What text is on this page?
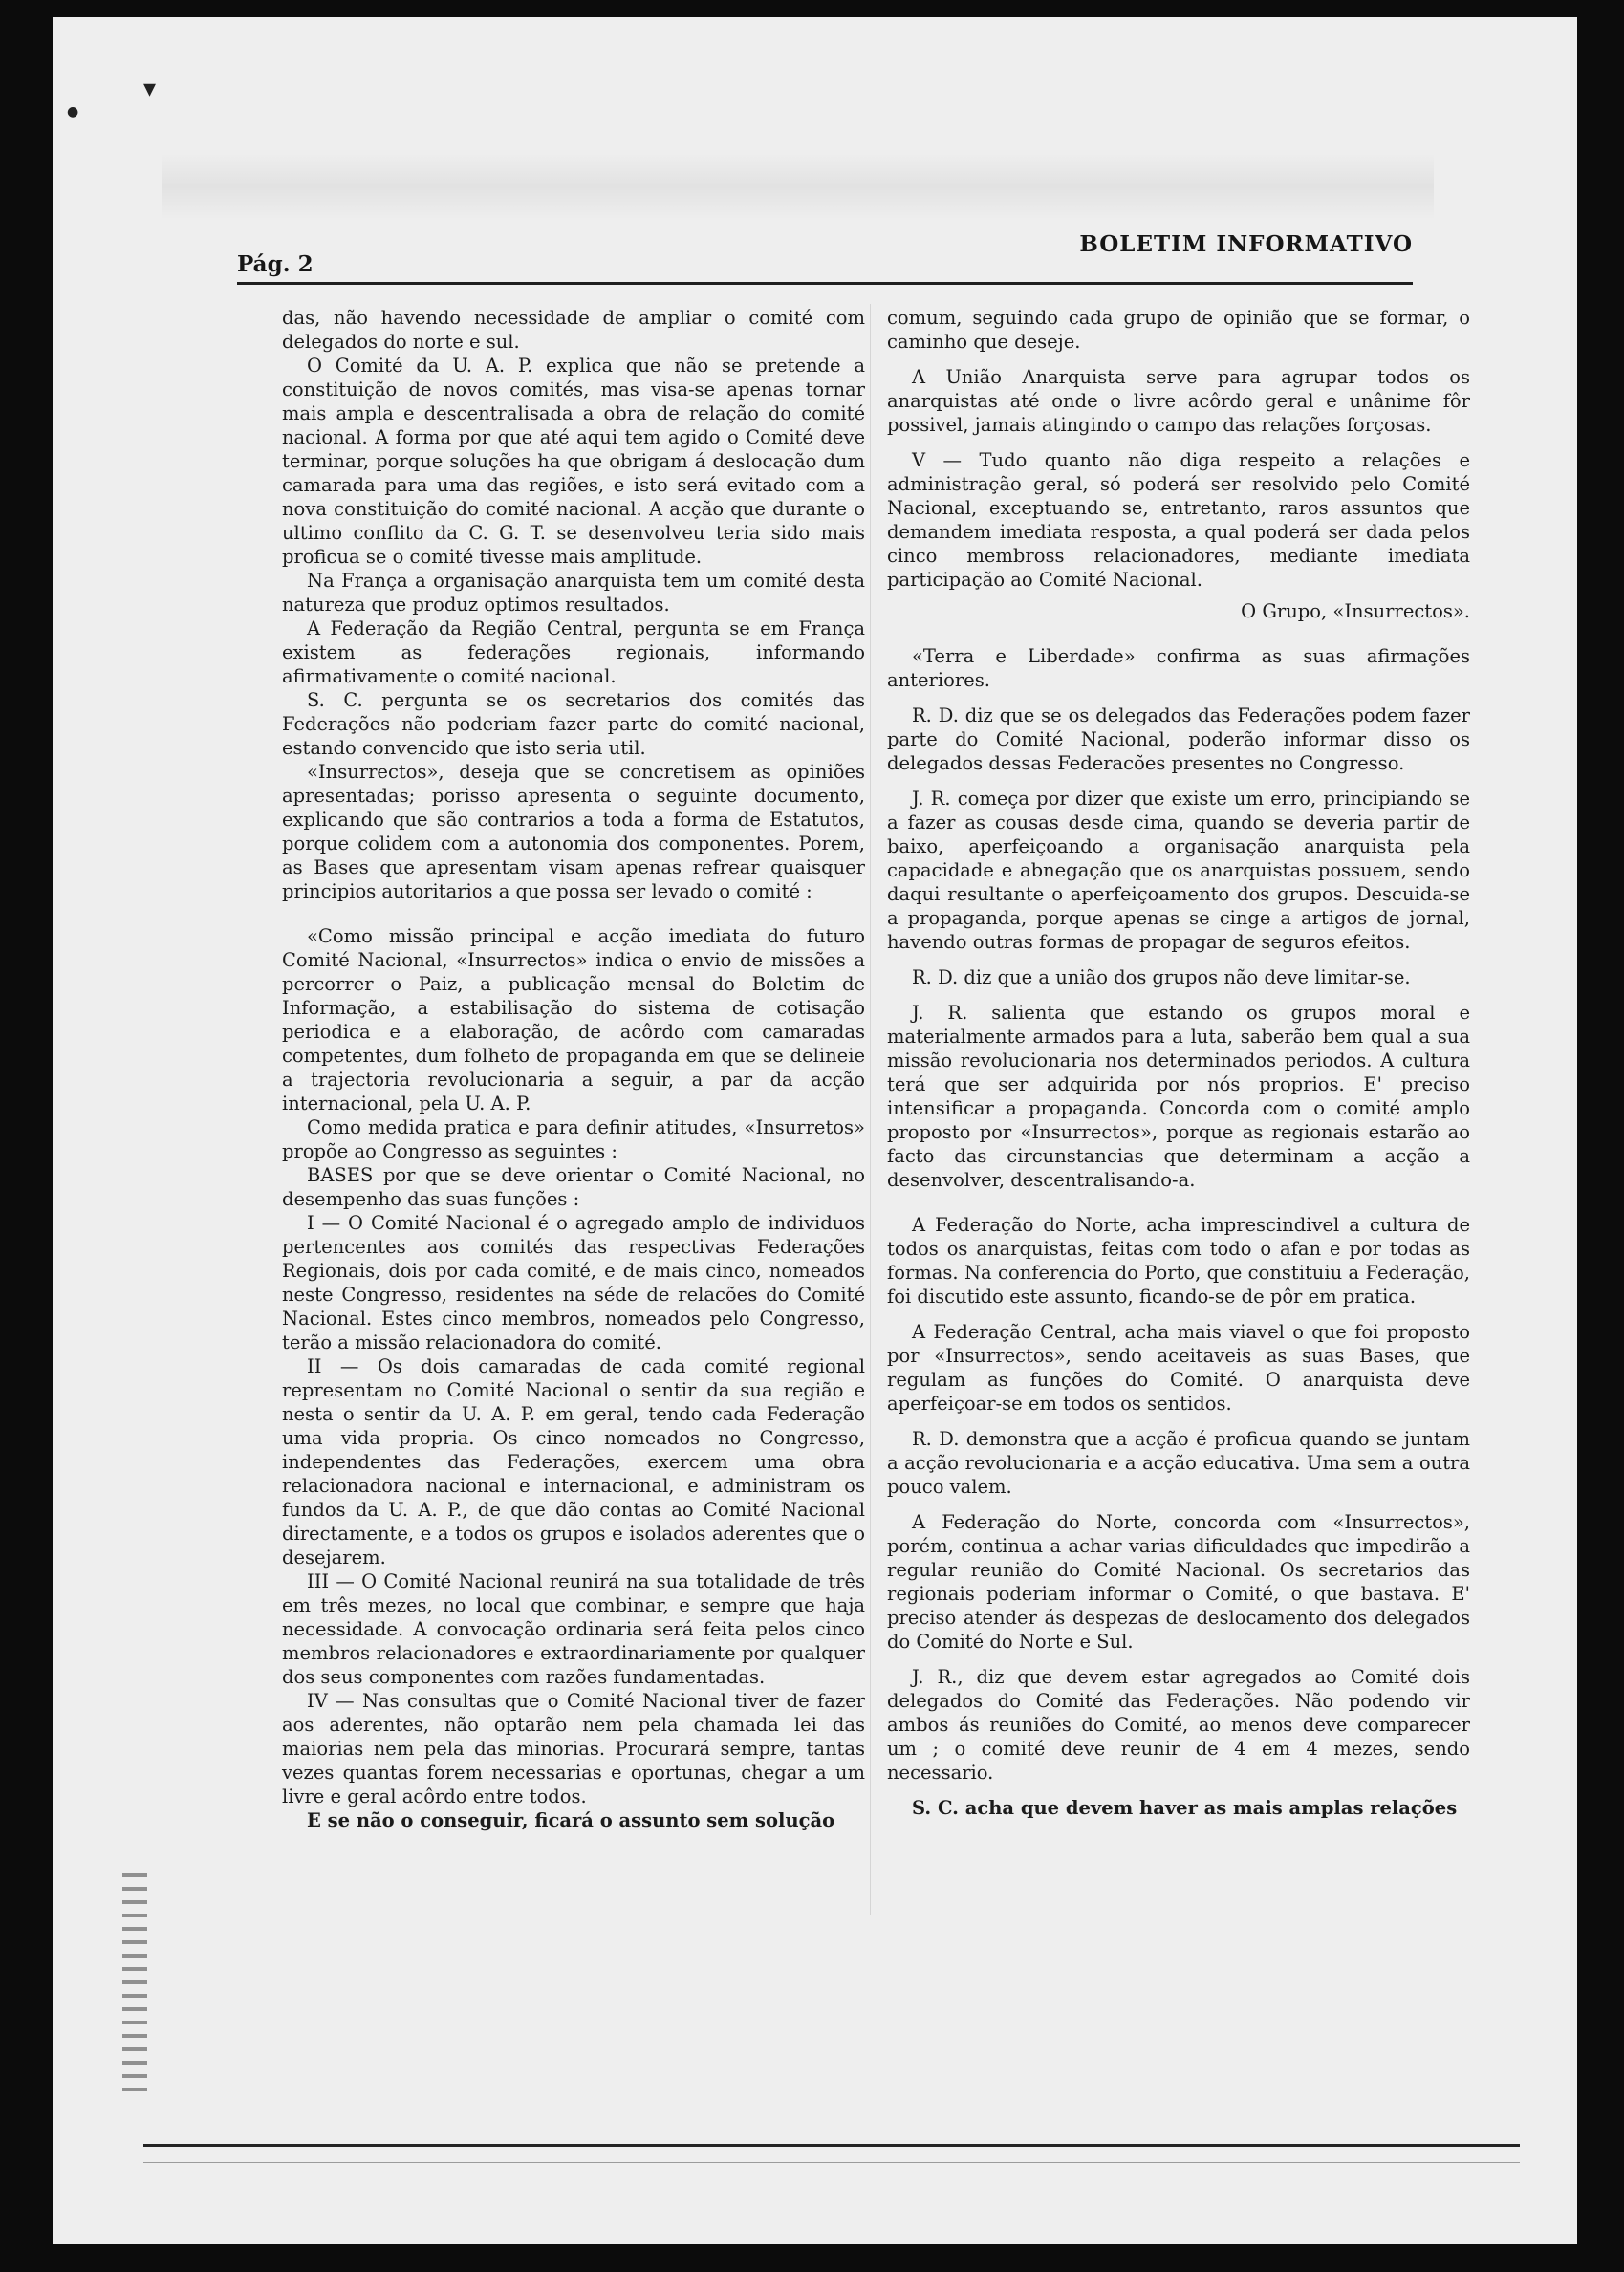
▾
●
Pág. 2
BOLETIM INFORMATIVO

das, não havendo necessidade de ampliar o comité com delegados do norte e sul.

O Comité da U. A. P. explica que não se pretende a constituição de novos comités, mas visa-se apenas tornar mais ampla e descentralisada a obra de relação do comité nacional. A forma por que até aqui tem agido o Comité deve terminar, porque soluções ha que obrigam á deslocação dum camarada para uma das regiões, e isto será evitado com a nova constituição do comité nacional. A acção que durante o ultimo conflito da C. G. T. se desenvolveu teria sido mais proficua se o comité tivesse mais amplitude.

Na França a organisação anarquista tem um comité desta natureza que produz optimos resultados.

A Federação da Região Central, pergunta se em França existem as federações regionais, informando afirmativamente o comité nacional.

S. C. pergunta se os secretarios dos comités das Federações não poderiam fazer parte do comité nacional, estando convencido que isto seria util.

«Insurrectos», deseja que se concretisem as opiniões apresentadas; porisso apresenta o seguinte documento, explicando que são contrarios a toda a forma de Estatutos, porque colidem com a autonomia dos componentes. Porem, as Bases que apresentam visam apenas refrear quaisquer principios autoritarios a que possa ser levado o comité :

«Como missão principal e acção imediata do futuro Comité Nacional, «Insurrectos» indica o envio de missões a percorrer o Paiz, a publicação mensal do Boletim de Informação, a estabilisação do sistema de cotisação periodica e a elaboração, de acôrdo com camaradas competentes, dum folheto de propaganda em que se delineie a trajectoria revolucionaria a seguir, a par da acção internacional, pela U. A. P.

Como medida pratica e para definir atitudes, «Insurretos» propõe ao Congresso as seguintes :

BASES por que se deve orientar o Comité Nacional, no desempenho das suas funções :

I — O Comité Nacional é o agregado amplo de individuos pertencentes aos comités das respectivas Federações Regionais, dois por cada comité, e de mais cinco, nomeados neste Congresso, residentes na séde de relacões do Comité Nacional. Estes cinco membros, nomeados pelo Congresso, terão a missão relacionadora do comité.

II — Os dois camaradas de cada comité regional representam no Comité Nacional o sentir da sua região e nesta o sentir da U. A. P. em geral, tendo cada Federação uma vida propria. Os cinco nomeados no Congresso, independentes das Federações, exercem uma obra relacionadora nacional e internacional, e administram os fundos da U. A. P., de que dão contas ao Comité Nacional directamente, e a todos os grupos e isolados aderentes que o desejarem.

III — O Comité Nacional reunirá na sua totalidade de três em três mezes, no local que combinar, e sempre que haja necessidade. A convocação ordinaria será feita pelos cinco membros relacionadores e extraordinariamente por qualquer dos seus componentes com razões fundamentadas.

IV — Nas consultas que o Comité Nacional tiver de fazer aos aderentes, não optarão nem pela chamada lei das maiorias nem pela das minorias. Procurará sempre, tantas vezes quantas forem necessarias e oportunas, chegar a um livre e geral acôrdo entre todos.

E se não o conseguir, ficará o assunto sem solução

comum, seguindo cada grupo de opinião que se formar, o caminho que deseje.

A União Anarquista serve para agrupar todos os anarquistas até onde o livre acôrdo geral e unânime fôr possivel, jamais atingindo o campo das relações forçosas.

V — Tudo quanto não diga respeito a relações e administração geral, só poderá ser resolvido pelo Comité Nacional, exceptuando se, entretanto, raros assuntos que demandem imediata resposta, a qual poderá ser dada pelos cinco membross relacionadores, mediante imediata participação ao Comité Nacional.

O Grupo, «Insurrectos».

«Terra e Liberdade» confirma as suas afirmações anteriores.

R. D. diz que se os delegados das Federações podem fazer parte do Comité Nacional, poderão informar disso os delegados dessas Federacões presentes no Congresso.

J. R. começa por dizer que existe um erro, principiando se a fazer as cousas desde cima, quando se deveria partir de baixo, aperfeiçoando a organisação anarquista pela capacidade e abnegação que os anarquistas possuem, sendo daqui resultante o aperfeiçoamento dos grupos. Descuida-se a propaganda, porque apenas se cinge a artigos de jornal, havendo outras formas de propagar de seguros efeitos.

R. D. diz que a união dos grupos não deve limitar-se.

J. R. salienta que estando os grupos moral e materialmente armados para a luta, saberão bem qual a sua missão revolucionaria nos determinados periodos. A cultura terá que ser adquirida por nós proprios. E' preciso intensificar a propaganda. Concorda com o comité amplo proposto por «Insurrectos», porque as regionais estarão ao facto das circunstancias que determinam a acção a desenvolver, descentralisando-a.

A Federação do Norte, acha imprescindivel a cultura de todos os anarquistas, feitas com todo o afan e por todas as formas. Na conferencia do Porto, que constituiu a Federação, foi discutido este assunto, ficando-se de pôr em pratica.

A Federação Central, acha mais viavel o que foi proposto por «Insurrectos», sendo aceitaveis as suas Bases, que regulam as funções do Comité. O anarquista deve aperfeiçoar-se em todos os sentidos.

R. D. demonstra que a acção é proficua quando se juntam a acção revolucionaria e a acção educativa. Uma sem a outra pouco valem.

A Federação do Norte, concorda com «Insurrectos», porém, continua a achar varias dificuldades que impedirão a regular reunião do Comité Nacional. Os secretarios das regionais poderiam informar o Comité, o que bastava. E' preciso atender ás despezas de deslocamento dos delegados do Comité do Norte e Sul.

J. R., diz que devem estar agregados ao Comité dois delegados do Comité das Federações. Não podendo vir ambos ás reuniões do Comité, ao menos deve comparecer um ; o comité deve reunir de 4 em 4 mezes, sendo necessario.

S. C. acha que devem haver as mais amplas relações
